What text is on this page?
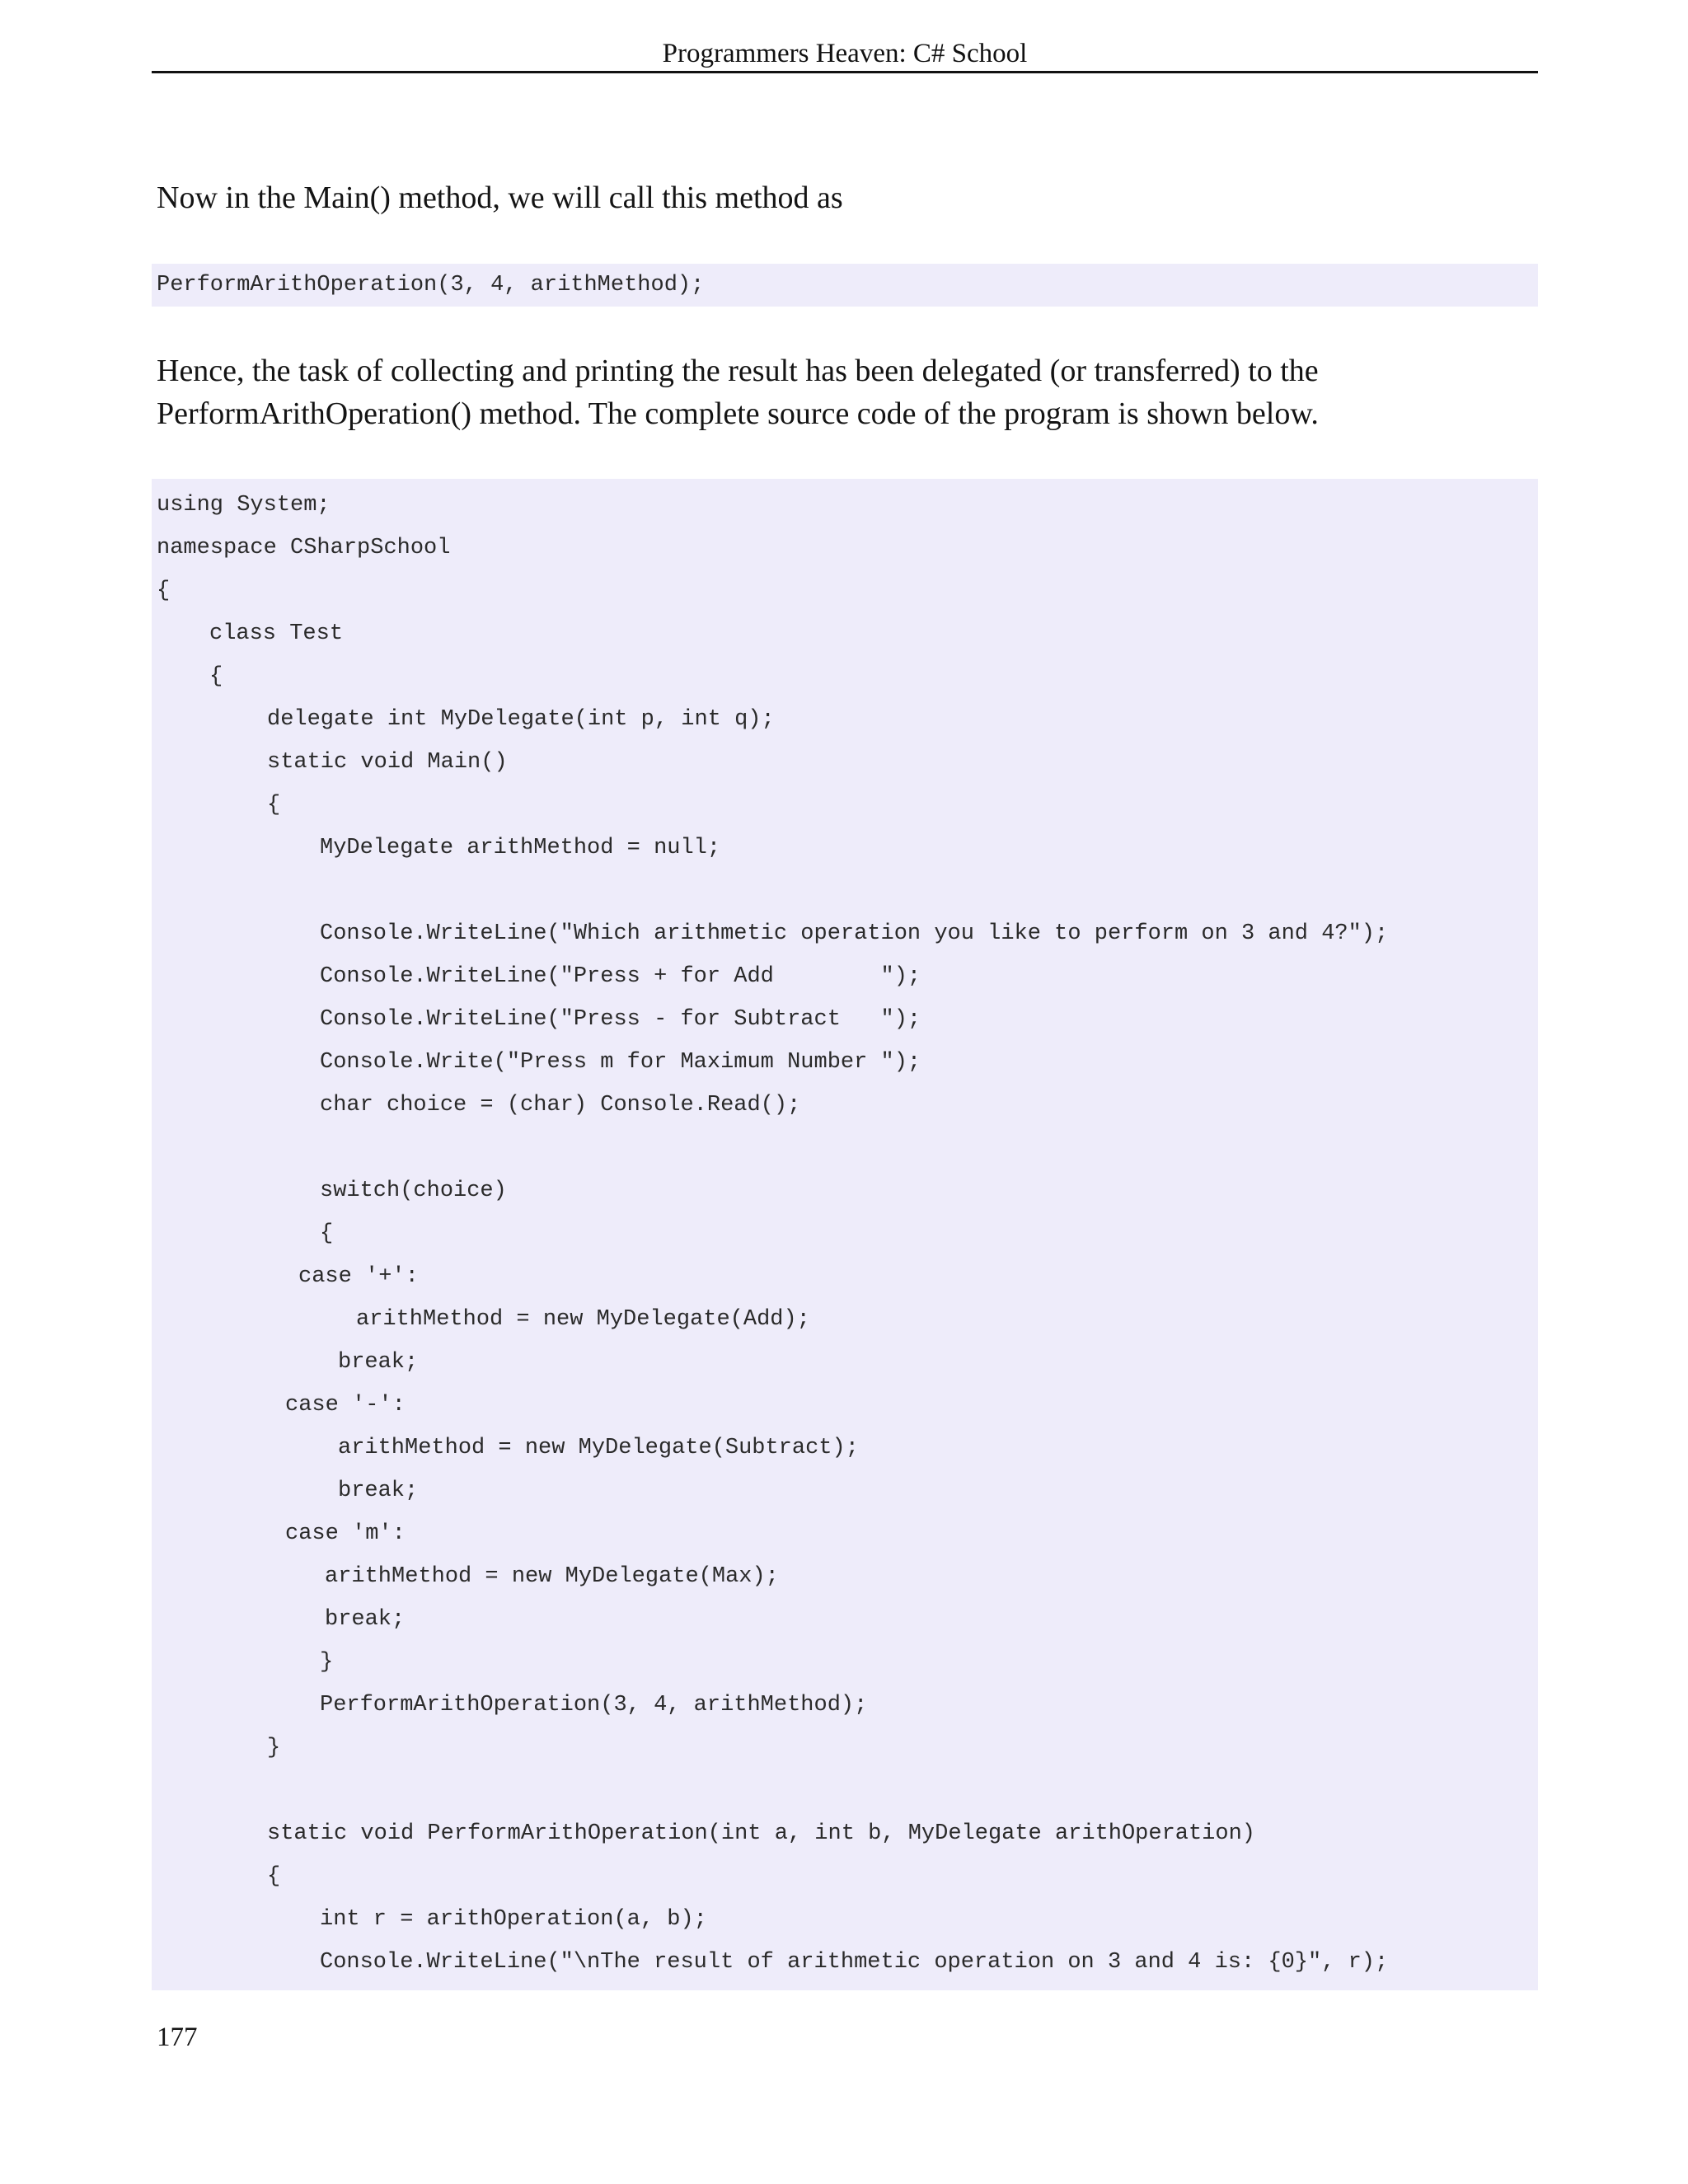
Programmers Heaven: C# School

Now in the Main() method, we will call this method as

PerformArithOperation(3, 4, arithMethod);

Hence, the task of collecting and printing the result has been delegated (or transferred) to the PerformArithOperation() method. The complete source code of the program is shown below.

using System;
namespace CSharpSchool
{
class Test
{
delegate int MyDelegate(int p, int q);
static void Main()
{
MyDelegate arithMethod = null;
Console.WriteLine("Which arithmetic operation you like to perform on 3 and 4?");
Console.WriteLine("Press + for Add        ");
Console.WriteLine("Press - for Subtract   ");
Console.Write("Press m for Maximum Number ");
char choice = (char) Console.Read();
switch(choice)
{
case '+':
arithMethod = new MyDelegate(Add);
break;
case '-':
arithMethod = new MyDelegate(Subtract);
break;
case 'm':
arithMethod = new MyDelegate(Max);
break;
}
PerformArithOperation(3, 4, arithMethod);
}
static void PerformArithOperation(int a, int b, MyDelegate arithOperation)
{
int r = arithOperation(a, b);
Console.WriteLine("\nThe result of arithmetic operation on 3 and 4 is: {0}", r);
177
